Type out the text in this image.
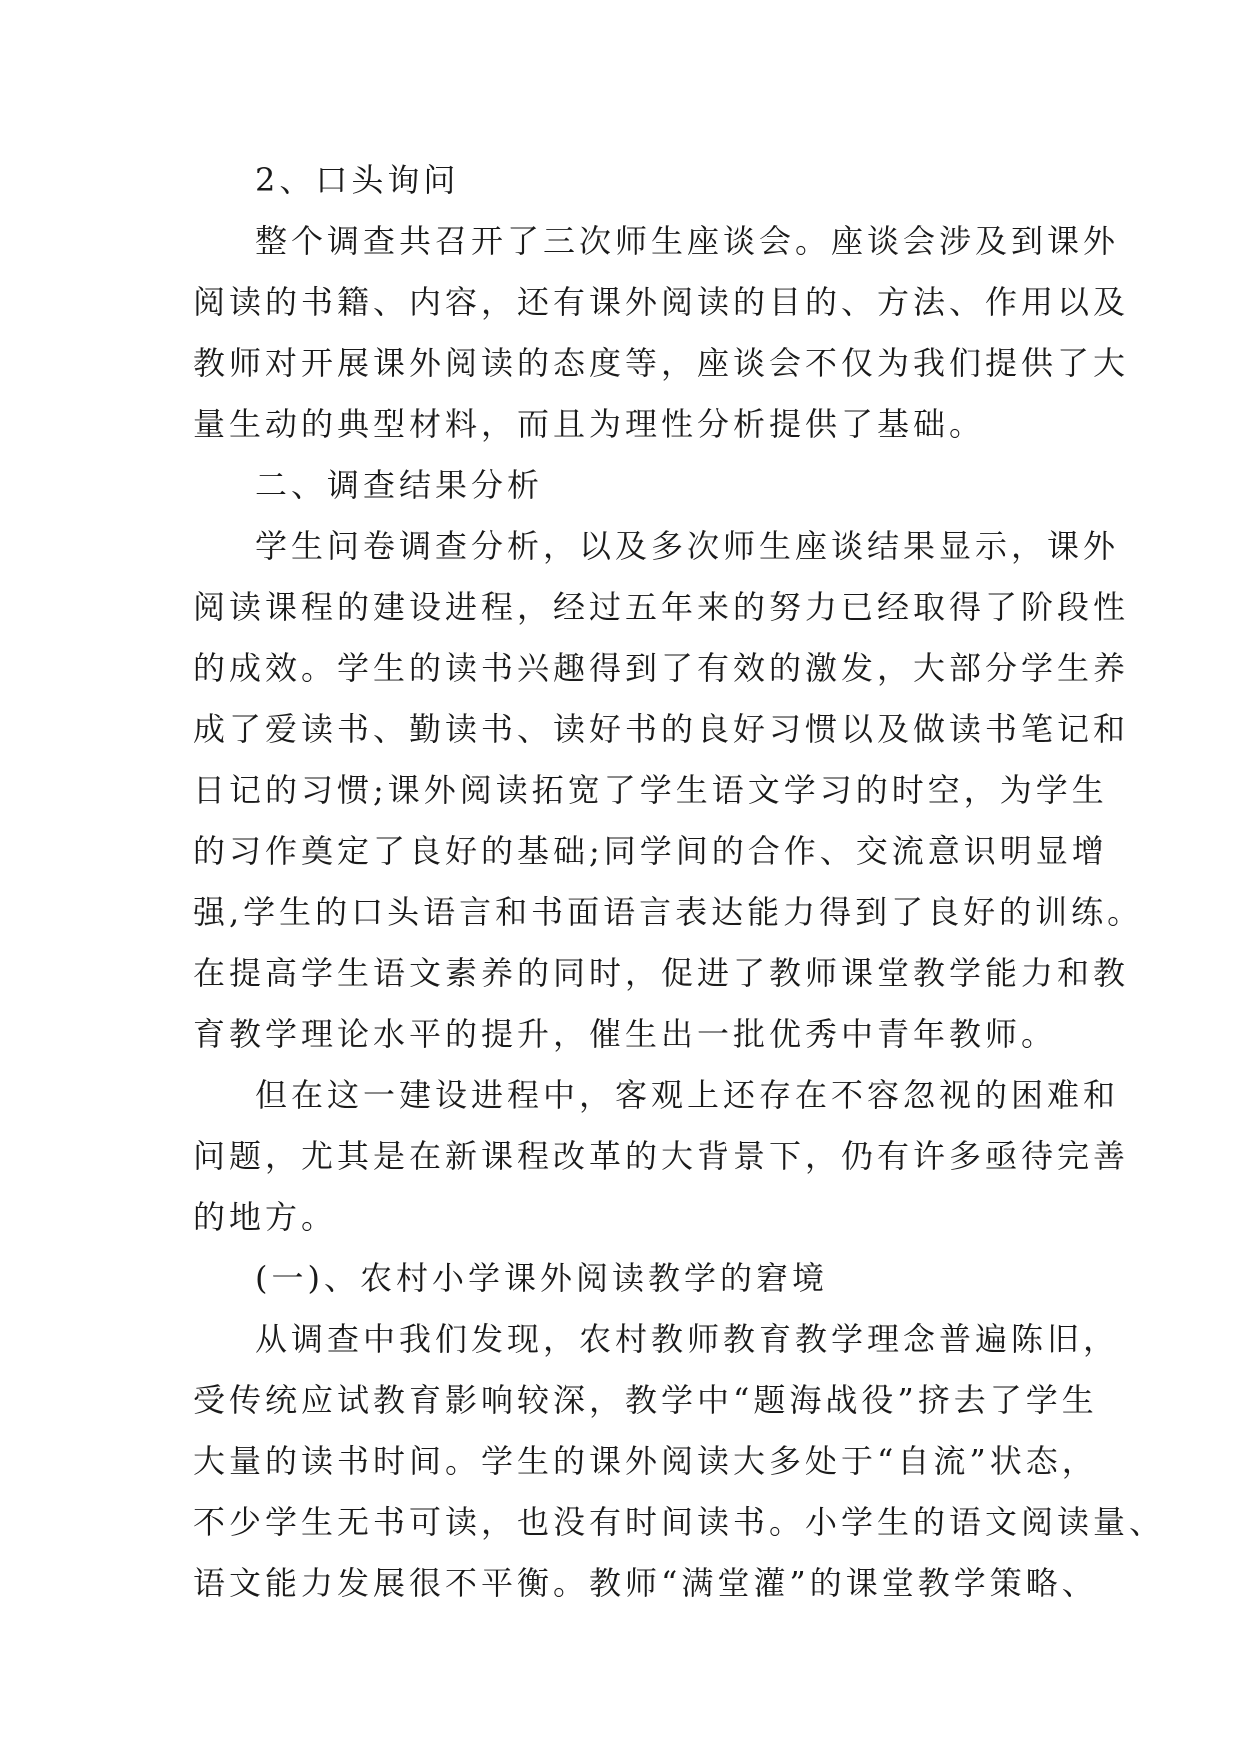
2、口头询问
整个调查共召开了三次师生座谈会。座谈会涉及到课外
阅读的书籍、内容，还有课外阅读的目的、方法、作用以及
教师对开展课外阅读的态度等，座谈会不仅为我们提供了大
量生动的典型材料，而且为理性分析提供了基础。
二、调查结果分析
学生问卷调查分析，以及多次师生座谈结果显示，课外
阅读课程的建设进程，经过五年来的努力已经取得了阶段性
的成效。学生的读书兴趣得到了有效的激发，大部分学生养
成了爱读书、勤读书、读好书的良好习惯以及做读书笔记和
日记的习惯;课外阅读拓宽了学生语文学习的时空，为学生
的习作奠定了良好的基础;同学间的合作、交流意识明显增
强,学生的口头语言和书面语言表达能力得到了良好的训练。
在提高学生语文素养的同时，促进了教师课堂教学能力和教
育教学理论水平的提升，催生出一批优秀中青年教师。
但在这一建设进程中，客观上还存在不容忽视的困难和
问题，尤其是在新课程改革的大背景下，仍有许多亟待完善
的地方。
(一)、农村小学课外阅读教学的窘境
从调查中我们发现，农村教师教育教学理念普遍陈旧，
受传统应试教育影响较深，教学中“题海战役”挤去了学生
大量的读书时间。学生的课外阅读大多处于“自流”状态，
不少学生无书可读，也没有时间读书。小学生的语文阅读量、
语文能力发展很不平衡。教师“满堂灌”的课堂教学策略、
